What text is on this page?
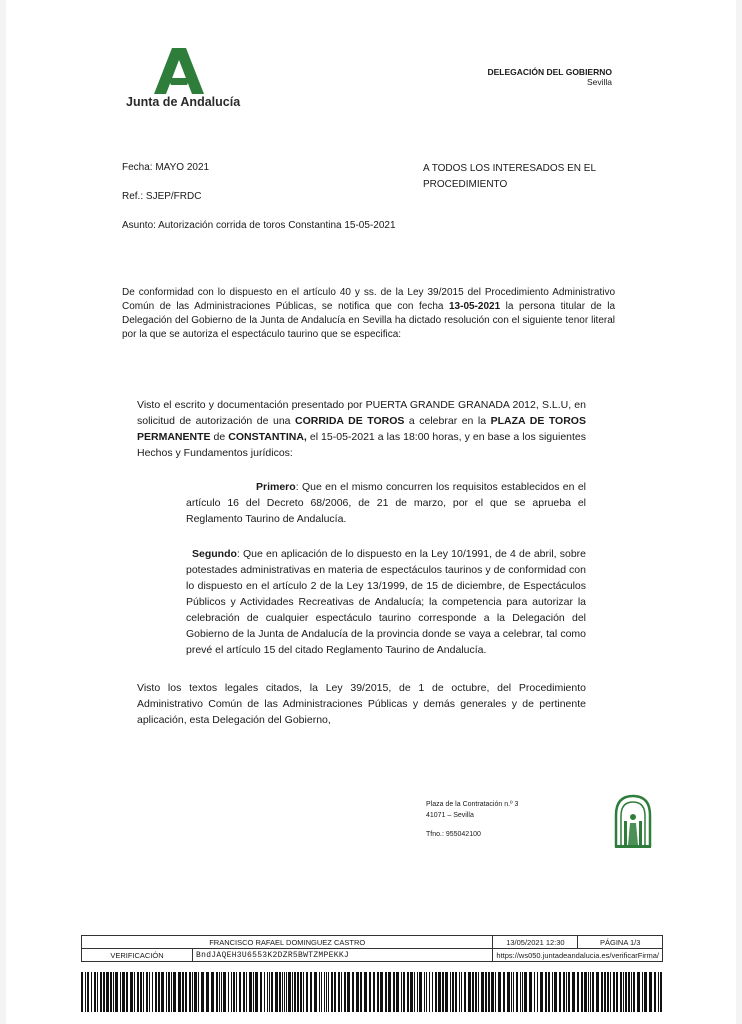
Junta de Andalucía
DELEGACIÓN DEL GOBIERNO
Sevilla
Fecha: MAYO 2021
Ref.: SJEP/FRDC
Asunto: Autorización corrida de toros Constantina 15-05-2021
A TODOS LOS INTERESADOS EN EL
PROCEDIMIENTO
De conformidad con lo dispuesto en el artículo 40 y ss. de la Ley 39/2015 del Procedimiento Administrativo Común de las Administraciones Públicas, se notifica que con fecha 13-05-2021 la persona titular de la Delegación del Gobierno de la Junta de Andalucía en Sevilla ha dictado resolución con el siguiente tenor literal por la que se autoriza el espectáculo taurino que se especifica:
Visto el escrito y documentación presentado por PUERTA GRANDE GRANADA 2012, S.L.U, en solicitud de autorización de una CORRIDA DE TOROS a celebrar en la PLAZA DE TOROS PERMANENTE de CONSTANTINA, el 15-05-2021 a las 18:00 horas, y en base a los siguientes Hechos y Fundamentos jurídicos:
Primero: Que en el mismo concurren los requisitos establecidos en el artículo 16 del Decreto 68/2006, de 21 de marzo, por el que se aprueba el Reglamento Taurino de Andalucía.
Segundo: Que en aplicación de lo dispuesto en la Ley 10/1991, de 4 de abril, sobre potestades administrativas en materia de espectáculos taurinos y de conformidad con lo dispuesto en el artículo 2 de la Ley 13/1999, de 15 de diciembre, de Espectáculos Públicos y Actividades Recreativas de Andalucía; la competencia para autorizar la celebración de cualquier espectáculo taurino corresponde a la Delegación del Gobierno de la Junta de Andalucía de la provincia donde se vaya a celebrar, tal como prevé el artículo 15 del citado Reglamento Taurino de Andalucía.
Visto los textos legales citados, la Ley 39/2015, de 1 de octubre, del Procedimiento Administrativo Común de las Administraciones Públicas y demás generales y de pertinente aplicación, esta Delegación del Gobierno,
Plaza de la Contratación n.º 3
41071 – Sevilla
Tfno.: 955042100
FRANCISCO RAFAEL DOMINGUEZ CASTRO		13/05/2021 12:30	PÁGINA 1/3
VERIFICACIÓN	BndJAQEH3U6553K2DZR5BWTZMPEKKJ	https://ws050.juntadeandalucia.es/verificarFirma/	
